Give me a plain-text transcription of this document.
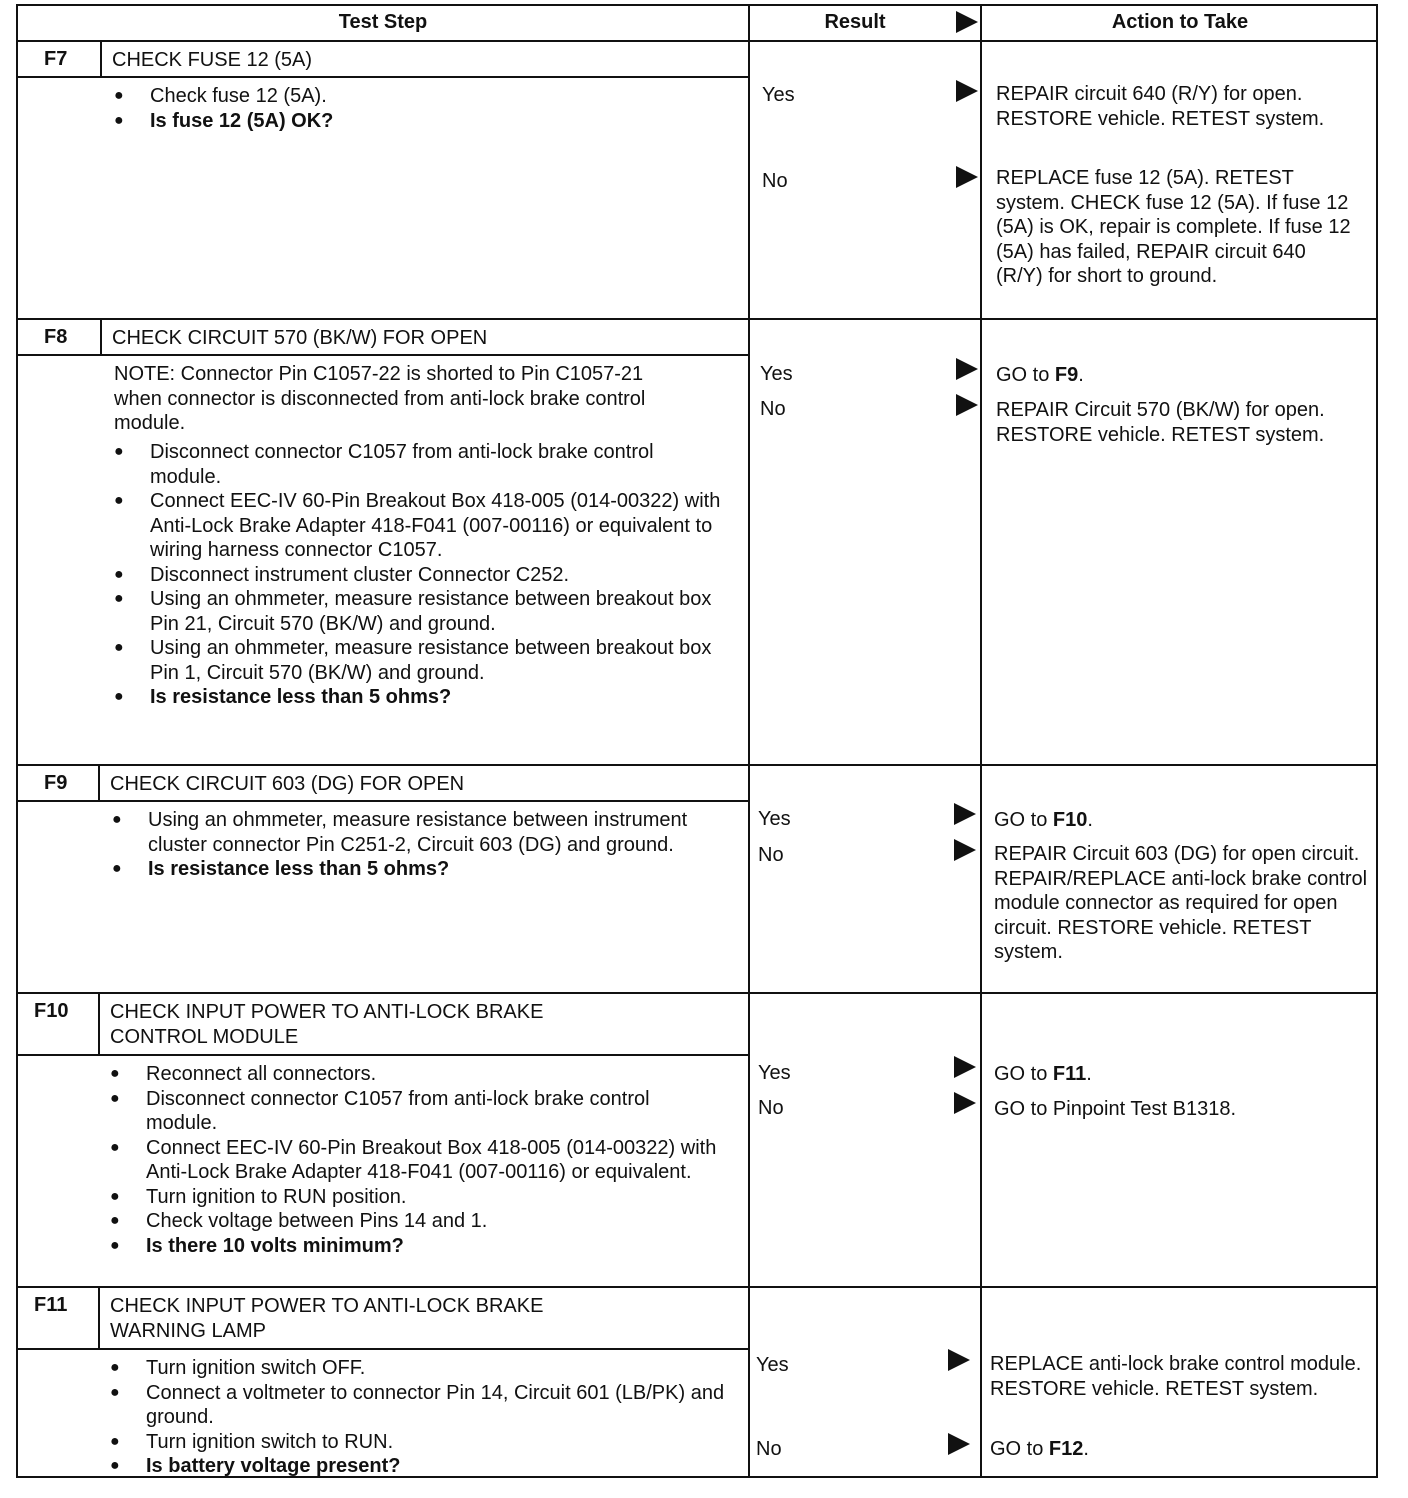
Test Step	Result	Action to Take
F7 CHECK FUSE 12 (5A)
● Check fuse 12 (5A).
● Is fuse 12 (5A) OK?
Yes	REPAIR circuit 640 (R/Y) for open. RESTORE vehicle. RETEST system.
No	REPLACE fuse 12 (5A). RETEST system. CHECK fuse 12 (5A). If fuse 12 (5A) is OK, repair is complete. If fuse 12 (5A) has failed, REPAIR circuit 640 (R/Y) for short to ground.
F8 CHECK CIRCUIT 570 (BK/W) FOR OPEN
NOTE: Connector Pin C1057-22 is shorted to Pin C1057-21 when connector is disconnected from anti-lock brake control module.
● Disconnect connector C1057 from anti-lock brake control module.
● Connect EEC-IV 60-Pin Breakout Box 418-005 (014-00322) with Anti-Lock Brake Adapter 418-F041 (007-00116) or equivalent to wiring harness connector C1057.
● Disconnect instrument cluster Connector C252.
● Using an ohmmeter, measure resistance between breakout box Pin 21, Circuit 570 (BK/W) and ground.
● Using an ohmmeter, measure resistance between breakout box Pin 1, Circuit 570 (BK/W) and ground.
● Is resistance less than 5 ohms?
Yes	GO to F9.
No	REPAIR Circuit 570 (BK/W) for open. RESTORE vehicle. RETEST system.
F9 CHECK CIRCUIT 603 (DG) FOR OPEN
● Using an ohmmeter, measure resistance between instrument cluster connector Pin C251-2, Circuit 603 (DG) and ground.
● Is resistance less than 5 ohms?
Yes	GO to F10.
No	REPAIR Circuit 603 (DG) for open circuit. REPAIR/REPLACE anti-lock brake control module connector as required for open circuit. RESTORE vehicle. RETEST system.
F10 CHECK INPUT POWER TO ANTI-LOCK BRAKE CONTROL MODULE
● Reconnect all connectors.
● Disconnect connector C1057 from anti-lock brake control module.
● Connect EEC-IV 60-Pin Breakout Box 418-005 (014-00322) with Anti-Lock Brake Adapter 418-F041 (007-00116) or equivalent.
● Turn ignition to RUN position.
● Check voltage between Pins 14 and 1.
● Is there 10 volts minimum?
Yes	GO to F11.
No	GO to Pinpoint Test B1318.
F11 CHECK INPUT POWER TO ANTI-LOCK BRAKE WARNING LAMP
● Turn ignition switch OFF.
● Connect a voltmeter to connector Pin 14, Circuit 601 (LB/PK) and ground.
● Turn ignition switch to RUN.
● Is battery voltage present?
Yes	REPLACE anti-lock brake control module. RESTORE vehicle. RETEST system.
No	GO to F12.
